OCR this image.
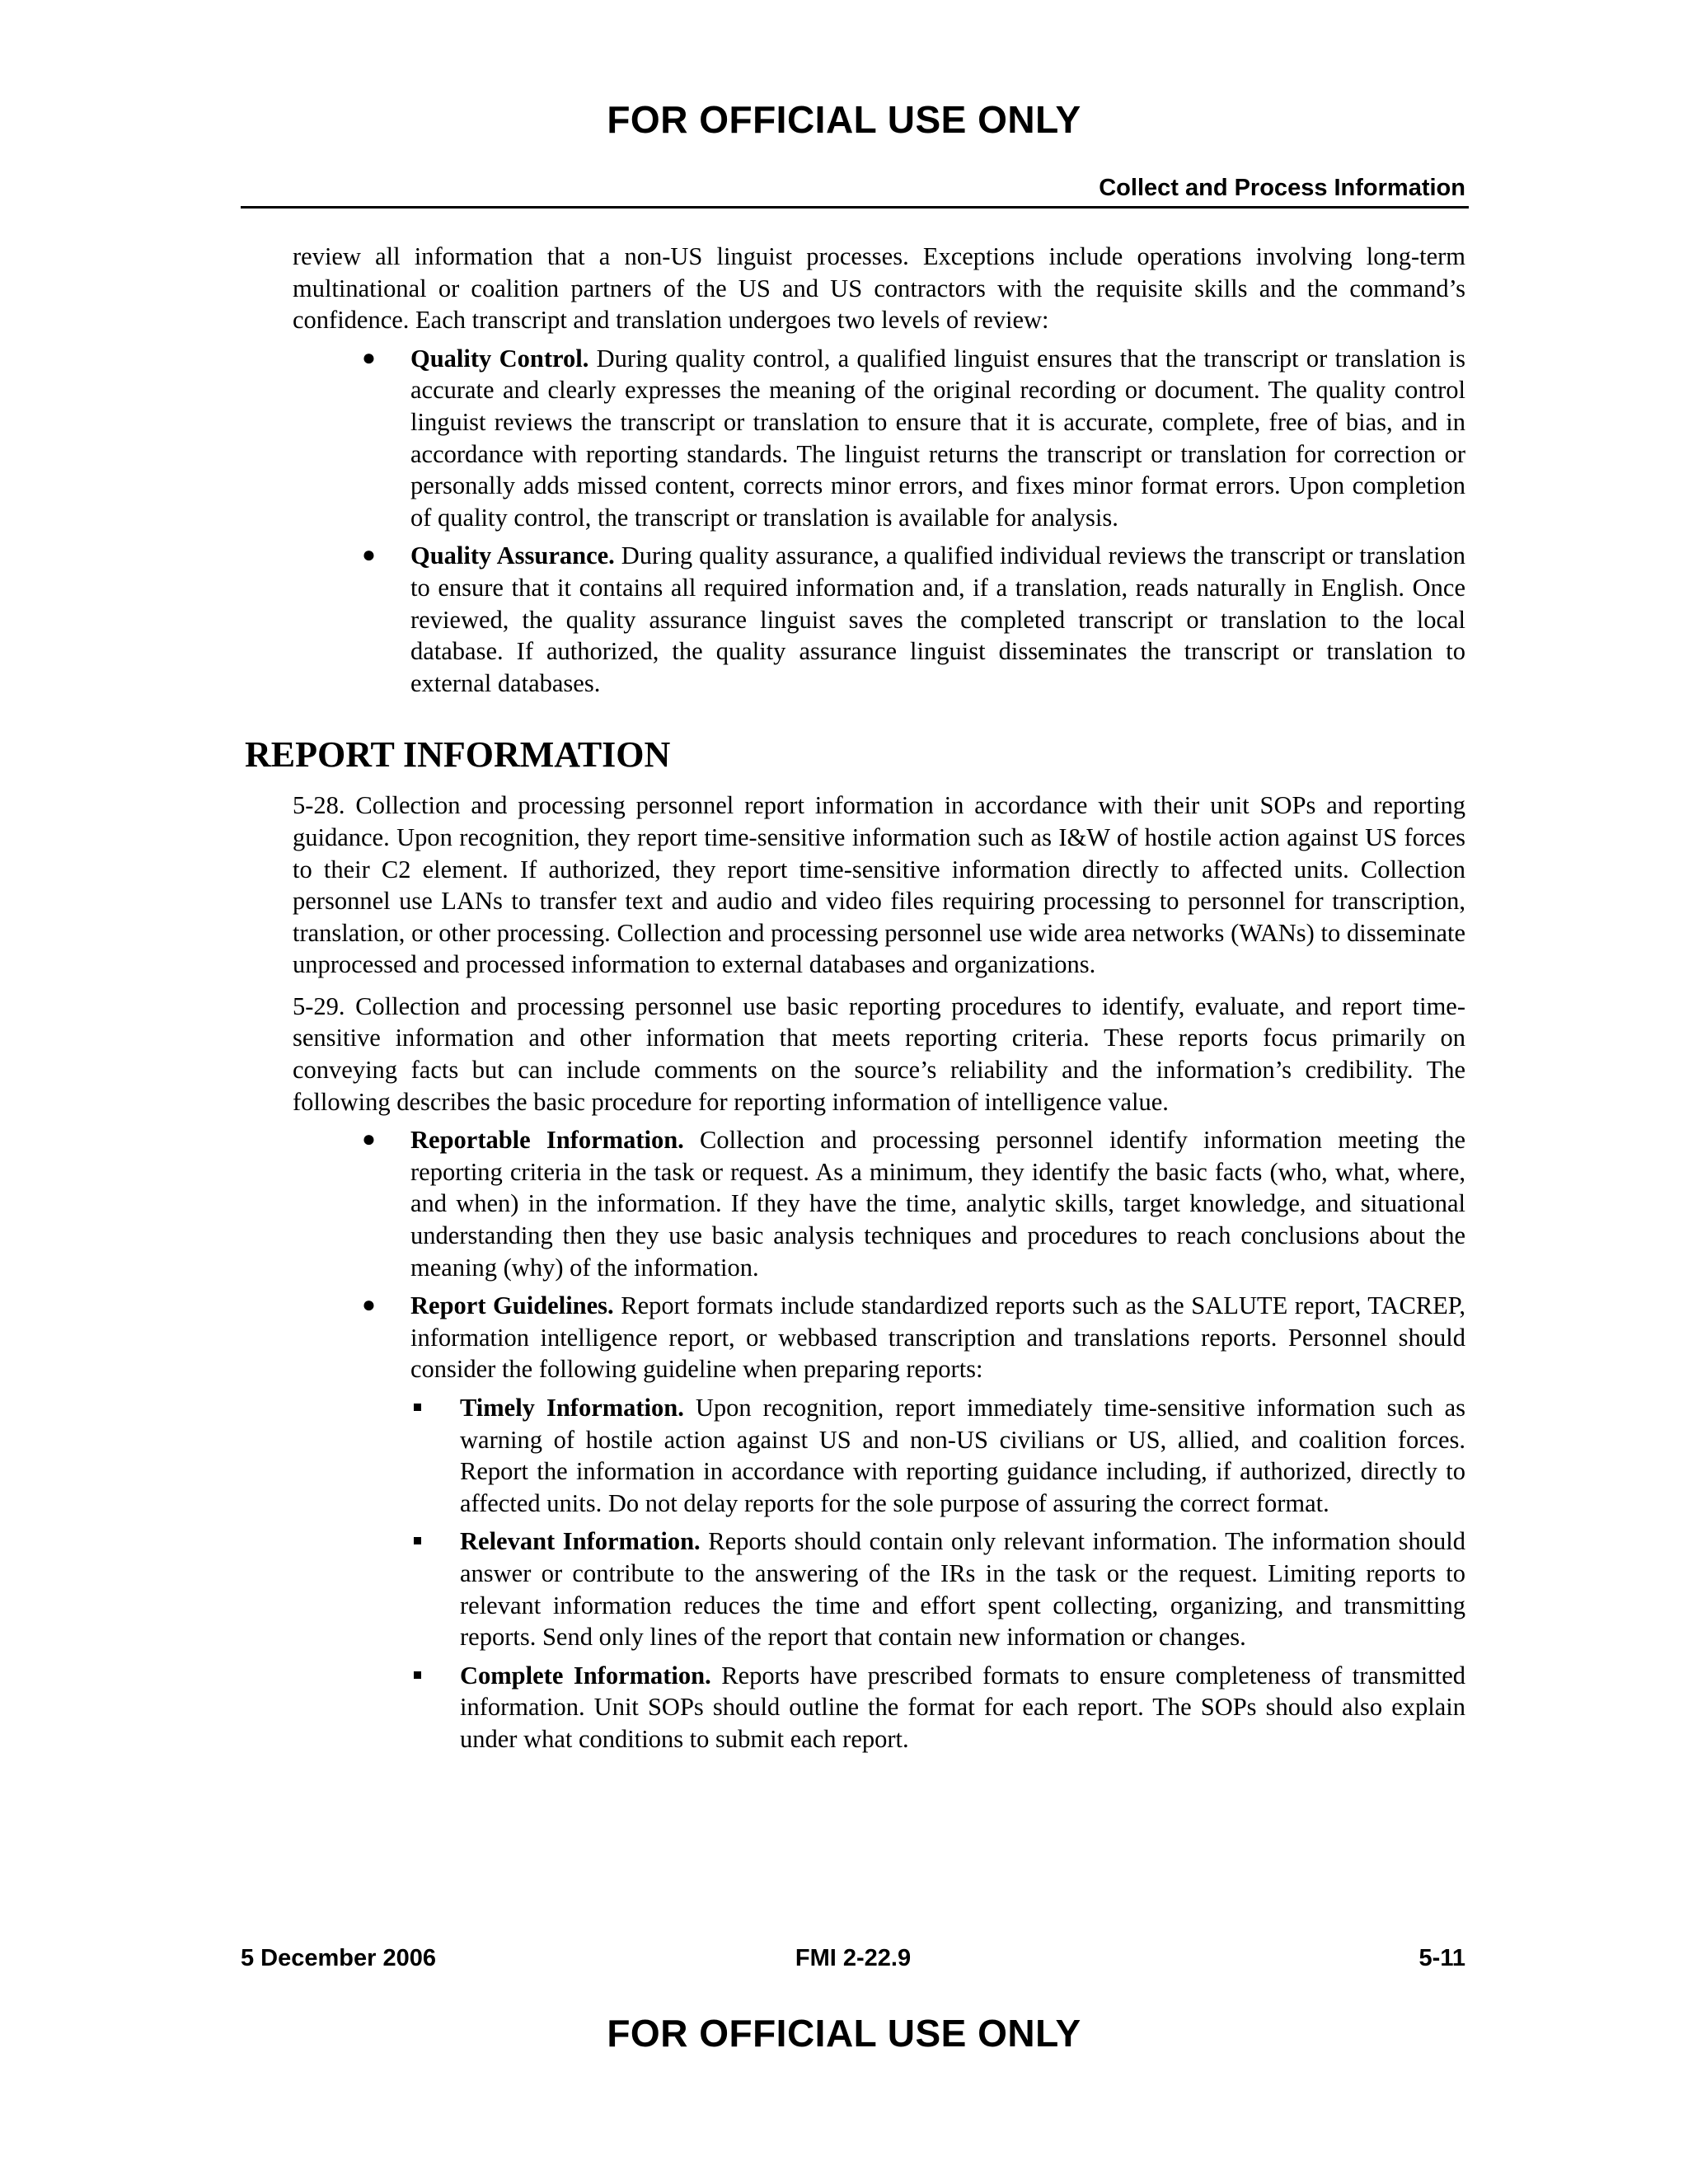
FOR OFFICIAL USE ONLY
Collect and Process Information

review all information that a non-US linguist processes. Exceptions include operations involving long-term multinational or coalition partners of the US and US contractors with the requisite skills and the command’s confidence. Each transcript and translation undergoes two levels of review:

● Quality Control. During quality control, a qualified linguist ensures that the transcript or translation is accurate and clearly expresses the meaning of the original recording or document. The quality control linguist reviews the transcript or translation to ensure that it is accurate, complete, free of bias, and in accordance with reporting standards. The linguist returns the transcript or translation for correction or personally adds missed content, corrects minor errors, and fixes minor format errors. Upon completion of quality control, the transcript or translation is available for analysis.
● Quality Assurance. During quality assurance, a qualified individual reviews the transcript or translation to ensure that it contains all required information and, if a translation, reads naturally in English. Once reviewed, the quality assurance linguist saves the completed transcript or translation to the local database. If authorized, the quality assurance linguist disseminates the transcript or translation to external databases.
REPORT INFORMATION

5-28. Collection and processing personnel report information in accordance with their unit SOPs and reporting guidance. Upon recognition, they report time-sensitive information such as I&W of hostile action against US forces to their C2 element. If authorized, they report time-sensitive information directly to affected units. Collection personnel use LANs to transfer text and audio and video files requiring processing to personnel for transcription, translation, or other processing. Collection and processing personnel use wide area networks (WANs) to disseminate unprocessed and processed information to external databases and organizations.

5-29. Collection and processing personnel use basic reporting procedures to identify, evaluate, and report time-sensitive information and other information that meets reporting criteria. These reports focus primarily on conveying facts but can include comments on the source’s reliability and the information’s credibility. The following describes the basic procedure for reporting information of intelligence value.

● Reportable Information. Collection and processing personnel identify information meeting the reporting criteria in the task or request. As a minimum, they identify the basic facts (who, what, where, and when) in the information. If they have the time, analytic skills, target knowledge, and situational understanding then they use basic analysis techniques and procedures to reach conclusions about the meaning (why) of the information.
● Report Guidelines. Report formats include standardized reports such as the SALUTE report, TACREP, information intelligence report, or webbased transcription and translations reports. Personnel should consider the following guideline when preparing reports:
Timely Information. Upon recognition, report immediately time-sensitive information such as warning of hostile action against US and non-US civilians or US, allied, and coalition forces. Report the information in accordance with reporting guidance including, if authorized, directly to affected units. Do not delay reports for the sole purpose of assuring the correct format.
Relevant Information. Reports should contain only relevant information. The information should answer or contribute to the answering of the IRs in the task or the request. Limiting reports to relevant information reduces the time and effort spent collecting, organizing, and transmitting reports. Send only lines of the report that contain new information or changes.
Complete Information. Reports have prescribed formats to ensure completeness of transmitted information. Unit SOPs should outline the format for each report. The SOPs should also explain under what conditions to submit each report.
5 December 2006	FMI 2-22.9	5-11
FOR OFFICIAL USE ONLY
